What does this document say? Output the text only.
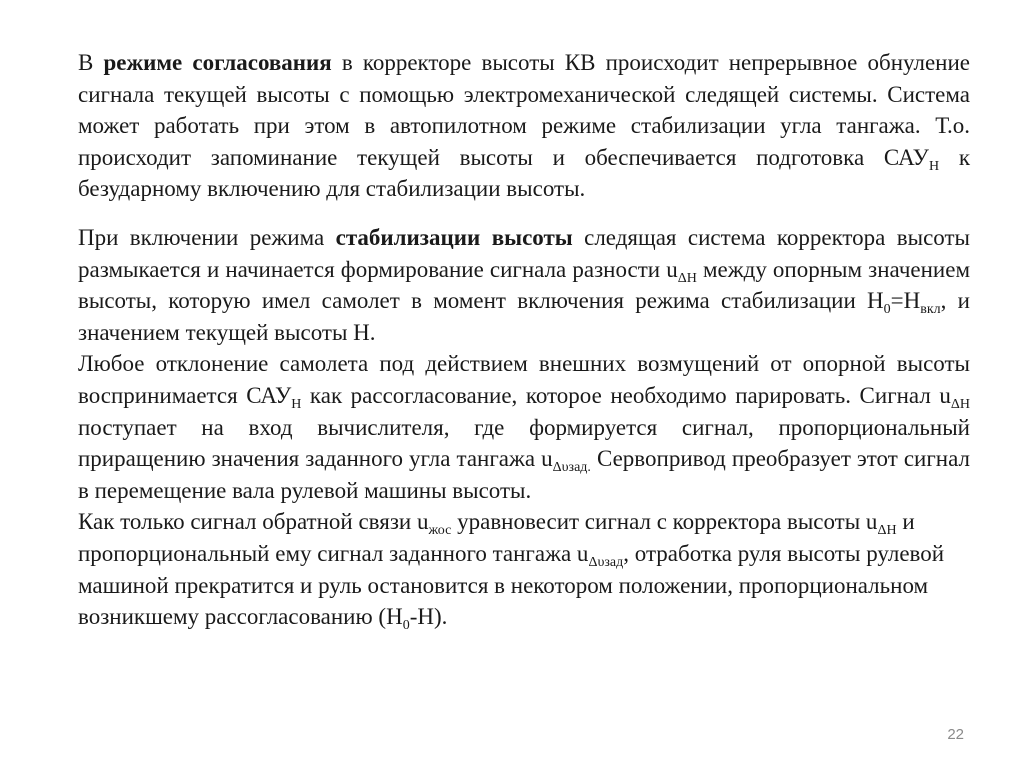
В режиме согласования в корректоре высоты КВ происходит непрерывное обнуление сигнала текущей высоты с помощью электромеханической следящей системы. Система может работать при этом в автопилотном режиме стабилизации угла тангажа. Т.о. происходит запоминание текущей высоты и обеспечивается подготовка $САУ_Н$ к безударному включению для стабилизации высоты.

При включении режима стабилизации высоты следящая система корректора высоты размыкается и начинается формирование сигнала разности $u_{\Delta Н}$ между опорным значением высоты, которую имел самолет в момент включения режима стабилизации $Н_0=Н_{вкл}$, и значением текущей высоты Н.

Любое отклонение самолета под действием внешних возмущений от опорной высоты воспринимается $САУ_Н$ как рассогласование, которое необходимо парировать. Сигнал $u_{\Delta Н}$ поступает на вход вычислителя, где формируется сигнал, пропорциональный приращению значения заданного угла тангажа $u_{\Delta\upsilon зад.}$ Сервопривод преобразует этот сигнал в перемещение вала рулевой машины высоты.

Как только сигнал обратной связи $u_{жос}$ уравновесит сигнал с корректора высоты $u_{\Delta Н}$ и пропорциональный ему сигнал заданного тангажа $u_{\Delta\upsilon зад}$, отработка руля высоты рулевой машиной прекратится и руль остановится в некотором положении, пропорциональном возникшему рассогласованию $(Н_0-Н)$.

22
